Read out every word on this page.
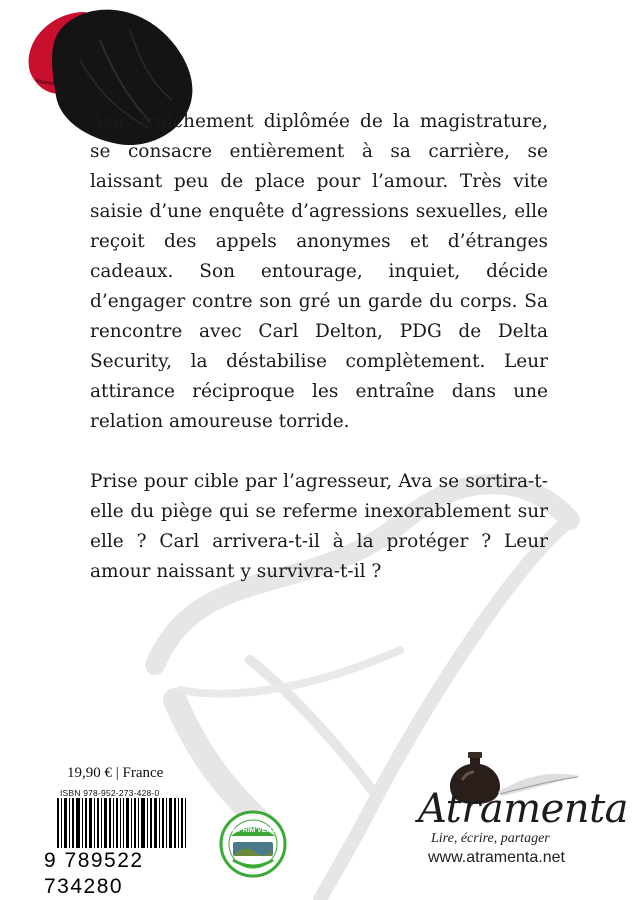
Ava, fraîchement diplômée de la magistrature, se consacre entièrement à sa carrière, se laissant peu de place pour l’amour. Très vite saisie d’une enquête d’agressions sexuelles, elle reçoit des appels anonymes et d’étranges cadeaux. Son entourage, inquiet, décide d’engager contre son gré un garde du corps. Sa rencontre avec Carl Delton, PDG de Delta Security, la déstabilise complètement. Leur attirance réciproque les entraîne dans une relation amoureuse torride.

Prise pour cible par l’agresseur, Ava se sortira-t-elle du piège qui se referme inexorablement sur elle ? Carl arrivera-t-il à la protéger ? Leur amour naissant y survivra-t-il ?

19,90 € | France
ISBN 978-952-273-428-0
9 789522 734280
IMPRIM'VERT	Atramenta
Lire, écrire, partager
www.atramenta.net
